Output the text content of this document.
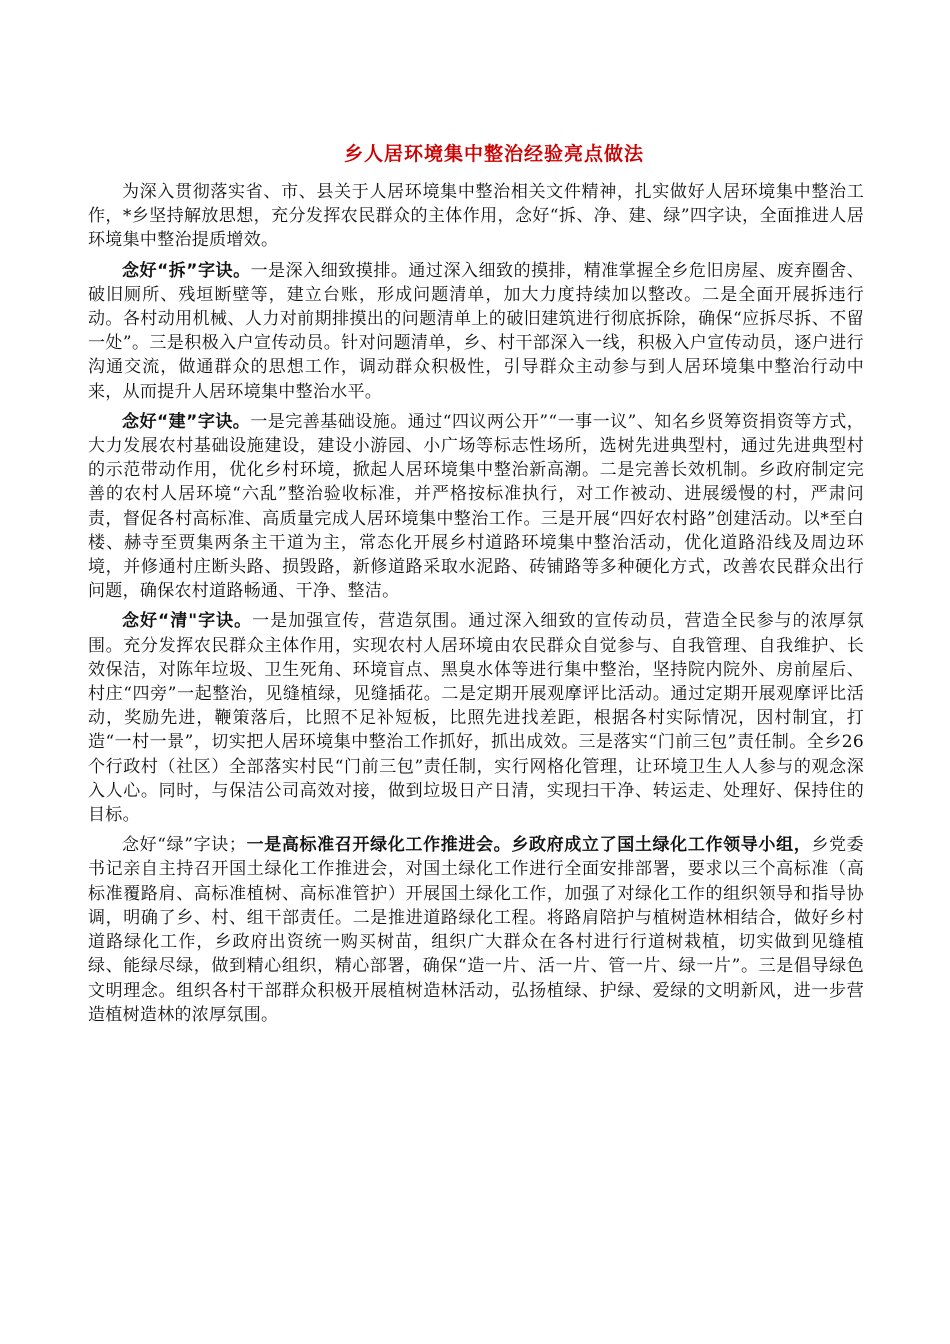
乡人居环境集中整治经验亮点做法

为深入贯彻落实省、市、县关于人居环境集中整治相关文件精神，扎实做好人居环境集中整治工作，*乡坚持解放思想，充分发挥农民群众的主体作用，念好“拆、净、建、绿”四字诀，全面推进人居环境集中整治提质增效。

念好“拆”字诀。一是深入细致摸排。通过深入细致的摸排，精准掌握全乡危旧房屋、废弃圈舍、破旧厕所、残垣断壁等，建立台账，形成问题清单，加大力度持续加以整改。二是全面开展拆违行动。各村动用机械、人力对前期排摸出的问题清单上的破旧建筑进行彻底拆除，确保“应拆尽拆、不留一处”。三是积极入户宣传动员。针对问题清单，乡、村干部深入一线，积极入户宣传动员，逐户进行沟通交流，做通群众的思想工作，调动群众积极性，引导群众主动参与到人居环境集中整治行动中来，从而提升人居环境集中整治水平。

念好“建”字诀。一是完善基础设施。通过“四议两公开”“一事一议”、知名乡贤筹资捐资等方式，大力发展农村基础设施建设，建设小游园、小广场等标志性场所，选树先进典型村，通过先进典型村的示范带动作用，优化乡村环境，掀起人居环境集中整治新高潮。二是完善长效机制。乡政府制定完善的农村人居环境“六乱”整治验收标准，并严格按标准执行，对工作被动、进展缓慢的村，严肃问责，督促各村高标准、高质量完成人居环境集中整治工作。三是开展“四好农村路”创建活动。以*至白楼、赫寺至贾集两条主干道为主，常态化开展乡村道路环境集中整治活动，优化道路沿线及周边环境，并修通村庄断头路、损毁路，新修道路采取水泥路、砖铺路等多种硬化方式，改善农民群众出行问题，确保农村道路畅通、干净、整洁。

念好“清"字诀。一是加强宣传，营造氛围。通过深入细致的宣传动员，营造全民参与的浓厚氛围。充分发挥农民群众主体作用，实现农村人居环境由农民群众自觉参与、自我管理、自我维护、长效保洁，对陈年垃圾、卫生死角、环境盲点、黑臭水体等进行集中整治，坚持院内院外、房前屋后、村庄“四旁”一起整治，见缝植绿，见缝插花。二是定期开展观摩评比活动。通过定期开展观摩评比活动，奖励先进，鞭策落后，比照不足补短板，比照先进找差距，根据各村实际情况，因村制宜，打造“一村一景”，切实把人居环境集中整治工作抓好，抓出成效。三是落实“门前三包”责任制。全乡26个行政村（社区）全部落实村民“门前三包”责任制，实行网格化管理，让环境卫生人人参与的观念深入人心。同时，与保洁公司高效对接，做到垃圾日产日清，实现扫干净、转运走、处理好、保持住的目标。

念好“绿”字诀；一是高标准召开绿化工作推进会。乡政府成立了国土绿化工作领导小组，乡党委书记亲自主持召开国土绿化工作推进会，对国土绿化工作进行全面安排部署，要求以三个高标准（高标准覆路肩、高标准植树、高标准管护）开展国土绿化工作，加强了对绿化工作的组织领导和指导协调，明确了乡、村、组干部责任。二是推进道路绿化工程。将路肩陪护与植树造林相结合，做好乡村道路绿化工作，乡政府出资统一购买树苗，组织广大群众在各村进行行道树栽植，切实做到见缝植绿、能绿尽绿，做到精心组织，精心部署，确保“造一片、活一片、管一片、绿一片”。三是倡导绿色文明理念。组织各村干部群众积极开展植树造林活动，弘扬植绿、护绿、爱绿的文明新风，进一步营造植树造林的浓厚氛围。
